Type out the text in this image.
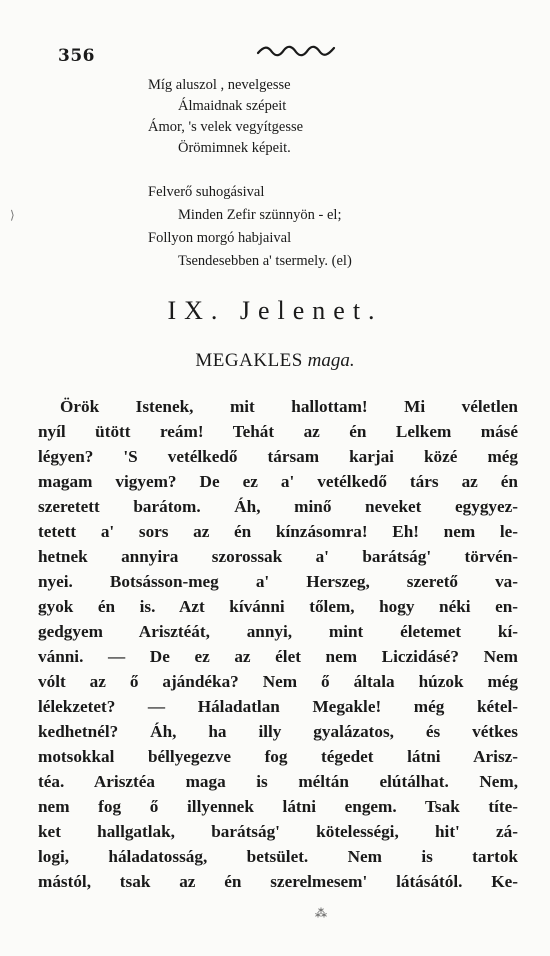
356
⟩
Míg aluszol , nevelgesse
Álmaidnak szépeit
Ámor, 's velek vegyítgesse
Örömimnek képeit.
Felverő suhogásival
Minden Zefir szünnyön - el;
Follyon morgó habjaival
Tsendesebben a' tsermely. (el)
IX. Jelenet.
MEGAKLES maga.
Örök Istenek, mit hallottam! Mi véletlen
nyíl ütött reám! Tehát az én Lelkem másé
légyen? 'S vetélkedő társam karjai közé még
magam vigyem? De ez a' vetélkedő társ az én
szeretett barátom. Áh, minő neveket egygyez-
tetett a' sors az én kínzásomra! Eh! nem le-
hetnek annyira szorossak a' barátság' törvén-
nyei. Botsásson-meg a' Herszeg, szerető va-
gyok én is. Azt kívánni tőlem, hogy néki en-
gedgyem Arisztéát, annyi, mint életemet kí-
vánni. — De ez az élet nem Liczidásé? Nem
vólt az ő ajándéka? Nem ő általa húzok még
lélekzetet? — Háladatlan Megakle! még kétel-
kedhetnél? Áh, ha illy gyalázatos, és vétkes
motsokkal béllyegezve fog tégedet látni Arisz-
téa. Arisztéa maga is méltán elútálhat. Nem,
nem fog ő illyennek látni engem. Tsak títe-
ket hallgatlak, barátság' kötelességi, hit' zá-
logi, háladatosság, betsület. Nem is tartok
mástól, tsak az én szerelmesem' látásától. Ke-
⁂
